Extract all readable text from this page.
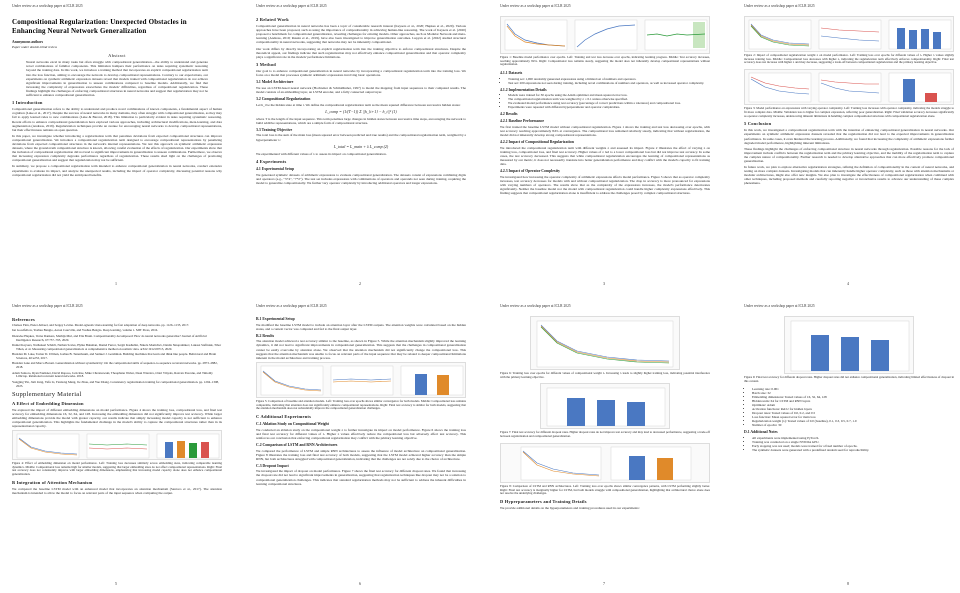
Under review as a workshop paper at ICLR 2025
Compositional Regularization: Unexpected Obstacles in Enhancing Neural Network Generalization
Anonymous authors
Paper under double-blind review
Abstract

Neural networks excel in many tasks but often struggle with compositional generalization—the ability to understand and generate novel combinations of familiar components. This limitation hampers their performance on tasks requiring systematic reasoning beyond the training data. In this work, we introduce a training method that incorporates an explicit compositional regularization term into the loss function, aiming to encourage the network to develop compositional representations. Contrary to our expectations, our experiments on synthetic arithmetic expression datasets reveal that models trained with compositional regularization do not achieve significant improvements in generalization to unseen combinations compared to baseline models. Additionally, we find that increasing the complexity of expressions exacerbates the models' difficulties, regardless of compositional regularization. These findings highlight the challenges of enforcing compositional structures in neural networks and suggest that regularization may not be sufficient to enhance compositional generalization.

1 Introduction

Compositional generalization refers to the ability to understand and produce novel combinations of known components, a fundamental aspect of human cognition (Lake et al., 2017). Despite the success of neural networks in many domains, they often struggle with compositional generalization, as they may fail to apply learned rules to new combinations (Lake & Baroni, 2018). This limitation is particularly evident in tasks requiring systematic reasoning. Recent efforts to enhance compositional generalization have explored various approaches, including architectural modifications, meta-learning, and data augmentation (Andreas, 2019). Regularization techniques provide an avenue for encouraging neural networks to develop compositional representations, but their effectiveness remains an open question.

In this paper, we investigate whether introducing a regularization term that penalizes deviations from expected compositional structures can improve compositional generalization. We introduce a compositional regularization term designed to encourage compositional representations by penalizing deviations from expected compositional structures in the network's internal representations. We test this approach on synthetic arithmetic expression datasets, where the ground-truth compositional structure is known, allowing careful evaluation of the effects of regularization. Our experiments show that the inclusion of compositional regularization did not lead to significant improvements in generalization to unseen combinations. Furthermore, we observe that increasing expression complexity degrades performance regardless of regularization. These results shed light on the challenges of promoting compositional generalization and suggest that regularization may not be sufficient.

In summary, we propose a compositional regularization term intended to enhance compositional generalization in neural networks, conduct extensive experiments to evaluate its impact, and analyze the unexpected results, including the impact of operator complexity, discussing potential reasons why compositional regularization did not yield the anticipated benefits.

1
Under review as a workshop paper at ICLR 2025
2 Related Work

Compositional generalization in neural networks has been a topic of considerable research interest (Keysers et al., 2020; Hupkes et al., 2020). Various approaches have been proposed, such as using the importance of compositionality in achieving human-like reasoning. The work of Keysers et al. (2020) proposed a benchmark for compositional generalization, revealing challenges for existing models. Other approaches, such as Modular Network and meta-learning (Andreas, 2019; Russin et al., 2019), have also been investigated to improve generalization outcomes. Lupyan et al. (2022) studied structural compositionality in neural networks, suggesting that networks may not be inherently compositional.

Our work differs by directly incorporating an explicit regularization term into the training objective to enforce compositional structures. Despite the theoretical appeal, our findings indicate that such regularization may not effectively enhance compositional generalization and that operator complexity plays a significant role in the models' performance limitations.

3 Method

Our goal is to enhance compositional generalization in neural networks by incorporating a compositional regularization term into the training loss. We focus on a model that processes synthetic arithmetic expressions involving basic operations.

3.1 Model Architecture

We use an LSTM-based neural network (Hochreiter & Schmidhuber, 1997) to model the mapping from input sequences to their computed results. The model consists of an embedding layer, an LSTM encoder, and a fully connected output layer.

3.2 Compositional Regularization

Let h_t be the hidden state at time t. We define the compositional regularization term as the mean squared difference between successive hidden states:

L_comp = (1/(T−1)) Σ ||h_{t+1} − h_t||² (1)

where T is the length of the input sequence. This term penalizes large changes in hidden states between successive time steps, encouraging the network to build additive representations, which are a simple form of compositional structure.

3.3 Training Objective

The total loss is the sum of the main loss (mean squared error between predicted and true results) and the compositional regularization term, weighted by a hyperparameter λ:

L_total = L_main + λ L_comp (2)

We experimented with different values of λ to assess its impact on compositional generalization.

4 Experiments
4.1 Experimental Setup

We generated synthetic datasets of arithmetic expressions to evaluate compositional generalization. The datasets consist of expressions combining digits and operators (e.g., "3+4", "7*2"). The test set includes expressions with combinations of operators and operands not seen during training, requiring the model to generalize compositionally. We further vary operator complexity by introducing additional operators and longer expressions.

2
Under review as a workshop paper at ICLR 2025
Figure 1: Baseline model performance over epochs. Left: Training and test loss decrease over epochs, indicating learning progress. Middle: Test accuracy increases, reaching approximately 84%. Right: Compositional loss remains steady, suggesting the model does not inherently develop compositional representations without regularization.
4.1.1 Datasets
• Training set: 1,000 randomly generated expressions using a limited set of numbers and operators.
• Test set: 200 expressions not seen during training, including novel combinations of numbers and operators, as well as increased operator complexity.
4.1.2 Implementation Details
• Models were trained for 30 epochs using the Adam optimizer and mean squared error loss.
• The compositional regularization term was weighted by λ = 0.1 unless otherwise specified.
• We evaluated model performance using test accuracy (percentage of correct predictions within a tolerance) and compositional loss.
• Experiments were repeated with different hyperparameter and operator complexities.
4.2 Results
4.2.1 Baseline Performance

We first trained the baseline LSTM model without compositional regularization. Figure 1 shows the training and test loss decreasing over epochs, with test accuracy reaching approximately 84% at convergence. The compositional loss remained relatively steady, indicating that without regularization, the model did not inherently develop strong compositional representations.

4.2.2 Impact of Compositional Regularization

We introduced the compositional regularization term with different weights λ and assessed its impact. Figure 2 illustrates the effect of varying λ on training loss, compositional loss, and final test accuracy. Higher values of λ led to a lower compositional loss but did not improve test accuracy. In some cases, the test accuracy decreased. This suggests that while compositional regularization encourages the learning of compositional representations as measured by our metric, it does not necessarily translate into better generalization performance and may conflict with the model's capacity to fit training data.

4.2.3 Impact of Operator Complexity

We investigated how increasing the operator complexity of arithmetic expressions affects model performance. Figure 3 shows that as operator complexity increases, test accuracy decreases for models with and without compositional regularization. The drop in accuracy is more pronounced for expressions with varying numbers of operators. The results show that as the complexity of the expressions increases, the model's performance deteriorates significantly. Neither the baseline model nor the model with compositional regularization could handle higher complexity expressions effectively. This finding suggests that compositional regularization alone is insufficient to address the challenges posed by complex compositional structures.

3
Under review as a workshop paper at ICLR 2025
Figure 2: Impact of compositional regularization weight λ on model performance. Left: Training loss over epochs for different values of λ. Higher λ values slightly increase training loss. Middle: Compositional loss decreases with higher λ, indicating the regularization term effectively enforces compositionality. Right: Final test accuracy does not increase with higher λ and may decrease, suggesting a trade-off between compositional regularization and the primary learning objective.
Figure 3: Model performance on expressions with varying operator complexity. Left: Training loss increases with operator complexity, indicating the models struggle to fit more complex data. Middle: Validation loss is higher for complex expression, reflecting poor generalization. Right: Final validation accuracy decreases significantly as operator complexity increases, underscoring inherent limitations in handling complex compositional structures with compositional regularization alone.
5 Conclusion

In this work, we investigated a compositional regularization term with the intention of enhancing compositional generalization in neural networks. Our experiments on synthetic arithmetic expression datasets revealed that the regularization did not lead to the expected improvements in generalization performance. In some cases, it even hindered the learning process. Additionally, we found that increasing the complexity of arithmetic expressions further degraded model performance, highlighting inherent limitations.

These findings highlight the challenges of enforcing compositional structure in neural networks through regularization. Possible reasons for the lack of improvement include conflicts between the regularization term and the primary learning objective, and the inability of the regularization term to capture the complex nature of compositionality. Further research is needed to develop alternative approaches that can more effectively promote compositional generalization.

In future work, we plan to explore alternative regularization strategies, refining the definition of compositionality in the context of neural networks, and testing on more complex datasets. Investigating models that can inherently handle higher operator complexity, such as those with attention mechanisms or modular architectures, might also offer new insights. We also plan to investigate the effectiveness of compositional regularization when combined with other techniques, including proposed methods and carefully reporting negative or inconclusive results to advance our understanding of these complex phenomena.

4
Under review as a workshop paper at ICLR 2025
References
Chelsea Finn, Pieter Abbeel, and Sergey Levine. Model-agnostic meta-learning for fast adaptation of deep networks. pp. 1126–1135, 2017.
Ian Goodfellow, Yoshua Bengio, Aaron Courville, and Yoshua Bengio. Deep learning, volume 1. MIT Press, 2016.
Dieuwke Hupkes, Verna Dankers, Mathijs Mul, and Elia Bruni. Compositionality decomposed: How do neural networks generalise? Journal of Artificial Intelligence Research, 67:757–795, 2020.
Daniel Keysers, Nathanael Schärli, Nathan Scales, Hylke Buisman, Daniel Furrer, Sergii Kashubin, Nikola Momchev, Danila Sinopalnikov, Lukasz Stafiniak, Tibor Tihon, et al. Measuring compositional generalization: A comprehensive method on realistic data. arXiv:1912.09713, 2020.
Brenden M. Lake, Tomer D. Ullman, Joshua B. Tenenbaum, and Samuel J. Gershman. Building machines that learn and think like people. Behavioral and Brain Sciences, 40:e253, 2017.
Brenden Lake and Marco Baroni. Generalization without systematicity: On the compositional skills of sequence-to-sequence recurrent networks. pp. 2873–2882, 2018.
Adam Santoro, Ryan Faulkner, David Raposo, Jack Rae, Mike Chrzanowski, Theophane Weber, Daan Wierstra, Oriol Vinyals, Razvan Pascanu, and Timothy Lillicrap. Relational recurrent neural networks. 2018.
Yongjing Yin, Jiali Zeng, Yafu Li, Fandong Meng, Jie Zhou, and Yue Zhang. Consistency regularization training for compositional generalization. pp. 1294–1308, 2023.
Supplementary Material
A Effect of Embedding Dimension

We explored the impact of different embedding dimensions on model performance. Figure 4 shows the training loss, compositional loss, and final test accuracy for embedding dimensions 16, 32, 64, and 128. Increasing the embedding dimension did not significantly improve test accuracy. While larger embedding dimensions provide the model with greater capacity, our results indicate that simply increasing model capacity is not sufficient to enhance compositional generalization. This highlights the fundamental challenge in the model's ability to capture the compositional structures rather than in its representational capacity.

Figure 4: Effect of embedding dimension on model performance. Left: Training loss decreases similarly across embedding sizes, indicating comparable learning dynamics. Middle: Compositional loss remains high for smaller models, suggesting that larger embedding sizes do not affect compositional representations. Right: Final test accuracy does not consistently improve with larger embedding dimensions, emphasizing that increasing model capacity alone does not enhance compositional generalization.
B Integration of Attention Mechanism

We compared the baseline LSTM model with an enhanced model that incorporates an attention mechanism (Santoro et al., 2017). The attention mechanism is intended to allow the model to focus on relevant parts of the input sequence when computing the output.

5
Under review as a workshop paper at ICLR 2025
B.1 Experimental Setup

We modified the baseline LSTM model to include an attention layer after the LSTM outputs. The attention weights were calculated based on the hidden states, and a context vector was computed and fed to the final output layer.

B.2 Results

The attention model achieved a test accuracy similar to the baseline, as shown in Figure 5. While the attention mechanism slightly improved the learning dynamics, it did not lead to significant improvements in compositional generalization. This suggests that the challenges in compositional generalization cannot be easily overcome by attention alone. We observed that the attention mechanism did not significantly change the compositional loss. This suggests that the attention mechanism was unable to focus on relevant parts of the input sequence that may be related to deeper compositional limitations inherent in the model architecture and training process.

Figure 5: Comparison of baseline and attention models. Left: Training loss over epochs shows similar convergence for both models. Middle: Compositional loss remains comparable, indicating that attention does not significantly enhance compositional representations. Right: Final test accuracy is similar for both models, suggesting that the attention mechanism does not substantially improve the compositional generalization challenges.
C Additional Experiments
C.1 Ablation Study on Compositional Weight

We conducted an ablation study on the compositional weight λ to further investigate its impact on model performance. Figure 6 shows the training loss and final test accuracy for different values of λ. Higher λ values effectively reduce the compositional loss but adversely affect test accuracy. This reinforces our conclusion that enforcing compositional regularization may conflict with the primary learning objective.

C.2 Comparison of LSTM and RNN Architectures

We compared the performance of LSTM and simple RNN architectures to assess the influence of model architecture on compositional generalization. Figure 8 illustrates the training loss and final test accuracy of both models, suggesting that the LSTM model achieved higher accuracy than the simple RNN, but both architectures struggled with compositional generalization, indicating that the challenges are not solely due to the choice of architecture.

C.3 Dropout Impact

We investigated the impact of dropout on model performance. Figure 7 shows the final test accuracy for different dropout rates. We found that increasing the dropout rate did not lead to significant improvements in generalization, suggesting that regularization techniques like dropout may not be a solution to compositional generalization challenges. This indicates that standard regularization methods may not be sufficient to address the inherent difficulties in learning compositional structures.

6
Under review as a workshop paper at ICLR 2025
Figure 6: Training loss over epochs for different values of compositional weight λ. Increasing λ leads to slightly higher training loss, indicating potential interference with the primary learning objective.
Figure 7: Final test accuracy for different dropout rates. Higher dropout rates do not improve test accuracy and may lead to decreased performance, suggesting a trade-off between regularization and compositional generalization.
Figure 8: Comparison of LSTM and RNN architectures. Left: Training loss over epochs shows similar convergence patterns, with LSTM performing slightly better. Right: Final test accuracy is marginally higher for LSTM, but both models struggle with compositional generalization, highlighting that architectural choice alone does not resolve the underlying challenges.
D Hyperparameters and Training Details

We provide additional details on the hyperparameters and training procedures used in our experiments:

7
Under review as a workshop paper at ICLR 2025
Figure 9: Final test accuracy for different dropout rates. Higher dropout rates did not enhance compositional generalization, indicating limited effectiveness of dropout in this context.
• Learning rate: 0.001
• Batch size: 32
• Embedding dimensions: Tested values of 16, 32, 64, 128
• Hidden units: 64 for LSTM and RNN layers
• Optimizer: Adam
• Activation functions: ReLU for hidden layers
• Dropout rates: Tested values of 0.0, 0.2, and 0.5
• Loss function: Mean squared error for main loss
• Regularization weight (λ): Tested values of 0.0 (baseline), 0.1, 0.3, 0.5, 0.7, 1.0
• Number of epochs: 30
D.1 Additional Notes
• All experiments were implemented using PyTorch.
• Training was conducted on a single NVIDIA GPU.
• Early stopping was not used; models were trained for a fixed number of epochs.
• The synthetic datasets were generated with a predefined random seed for reproducibility.
8
